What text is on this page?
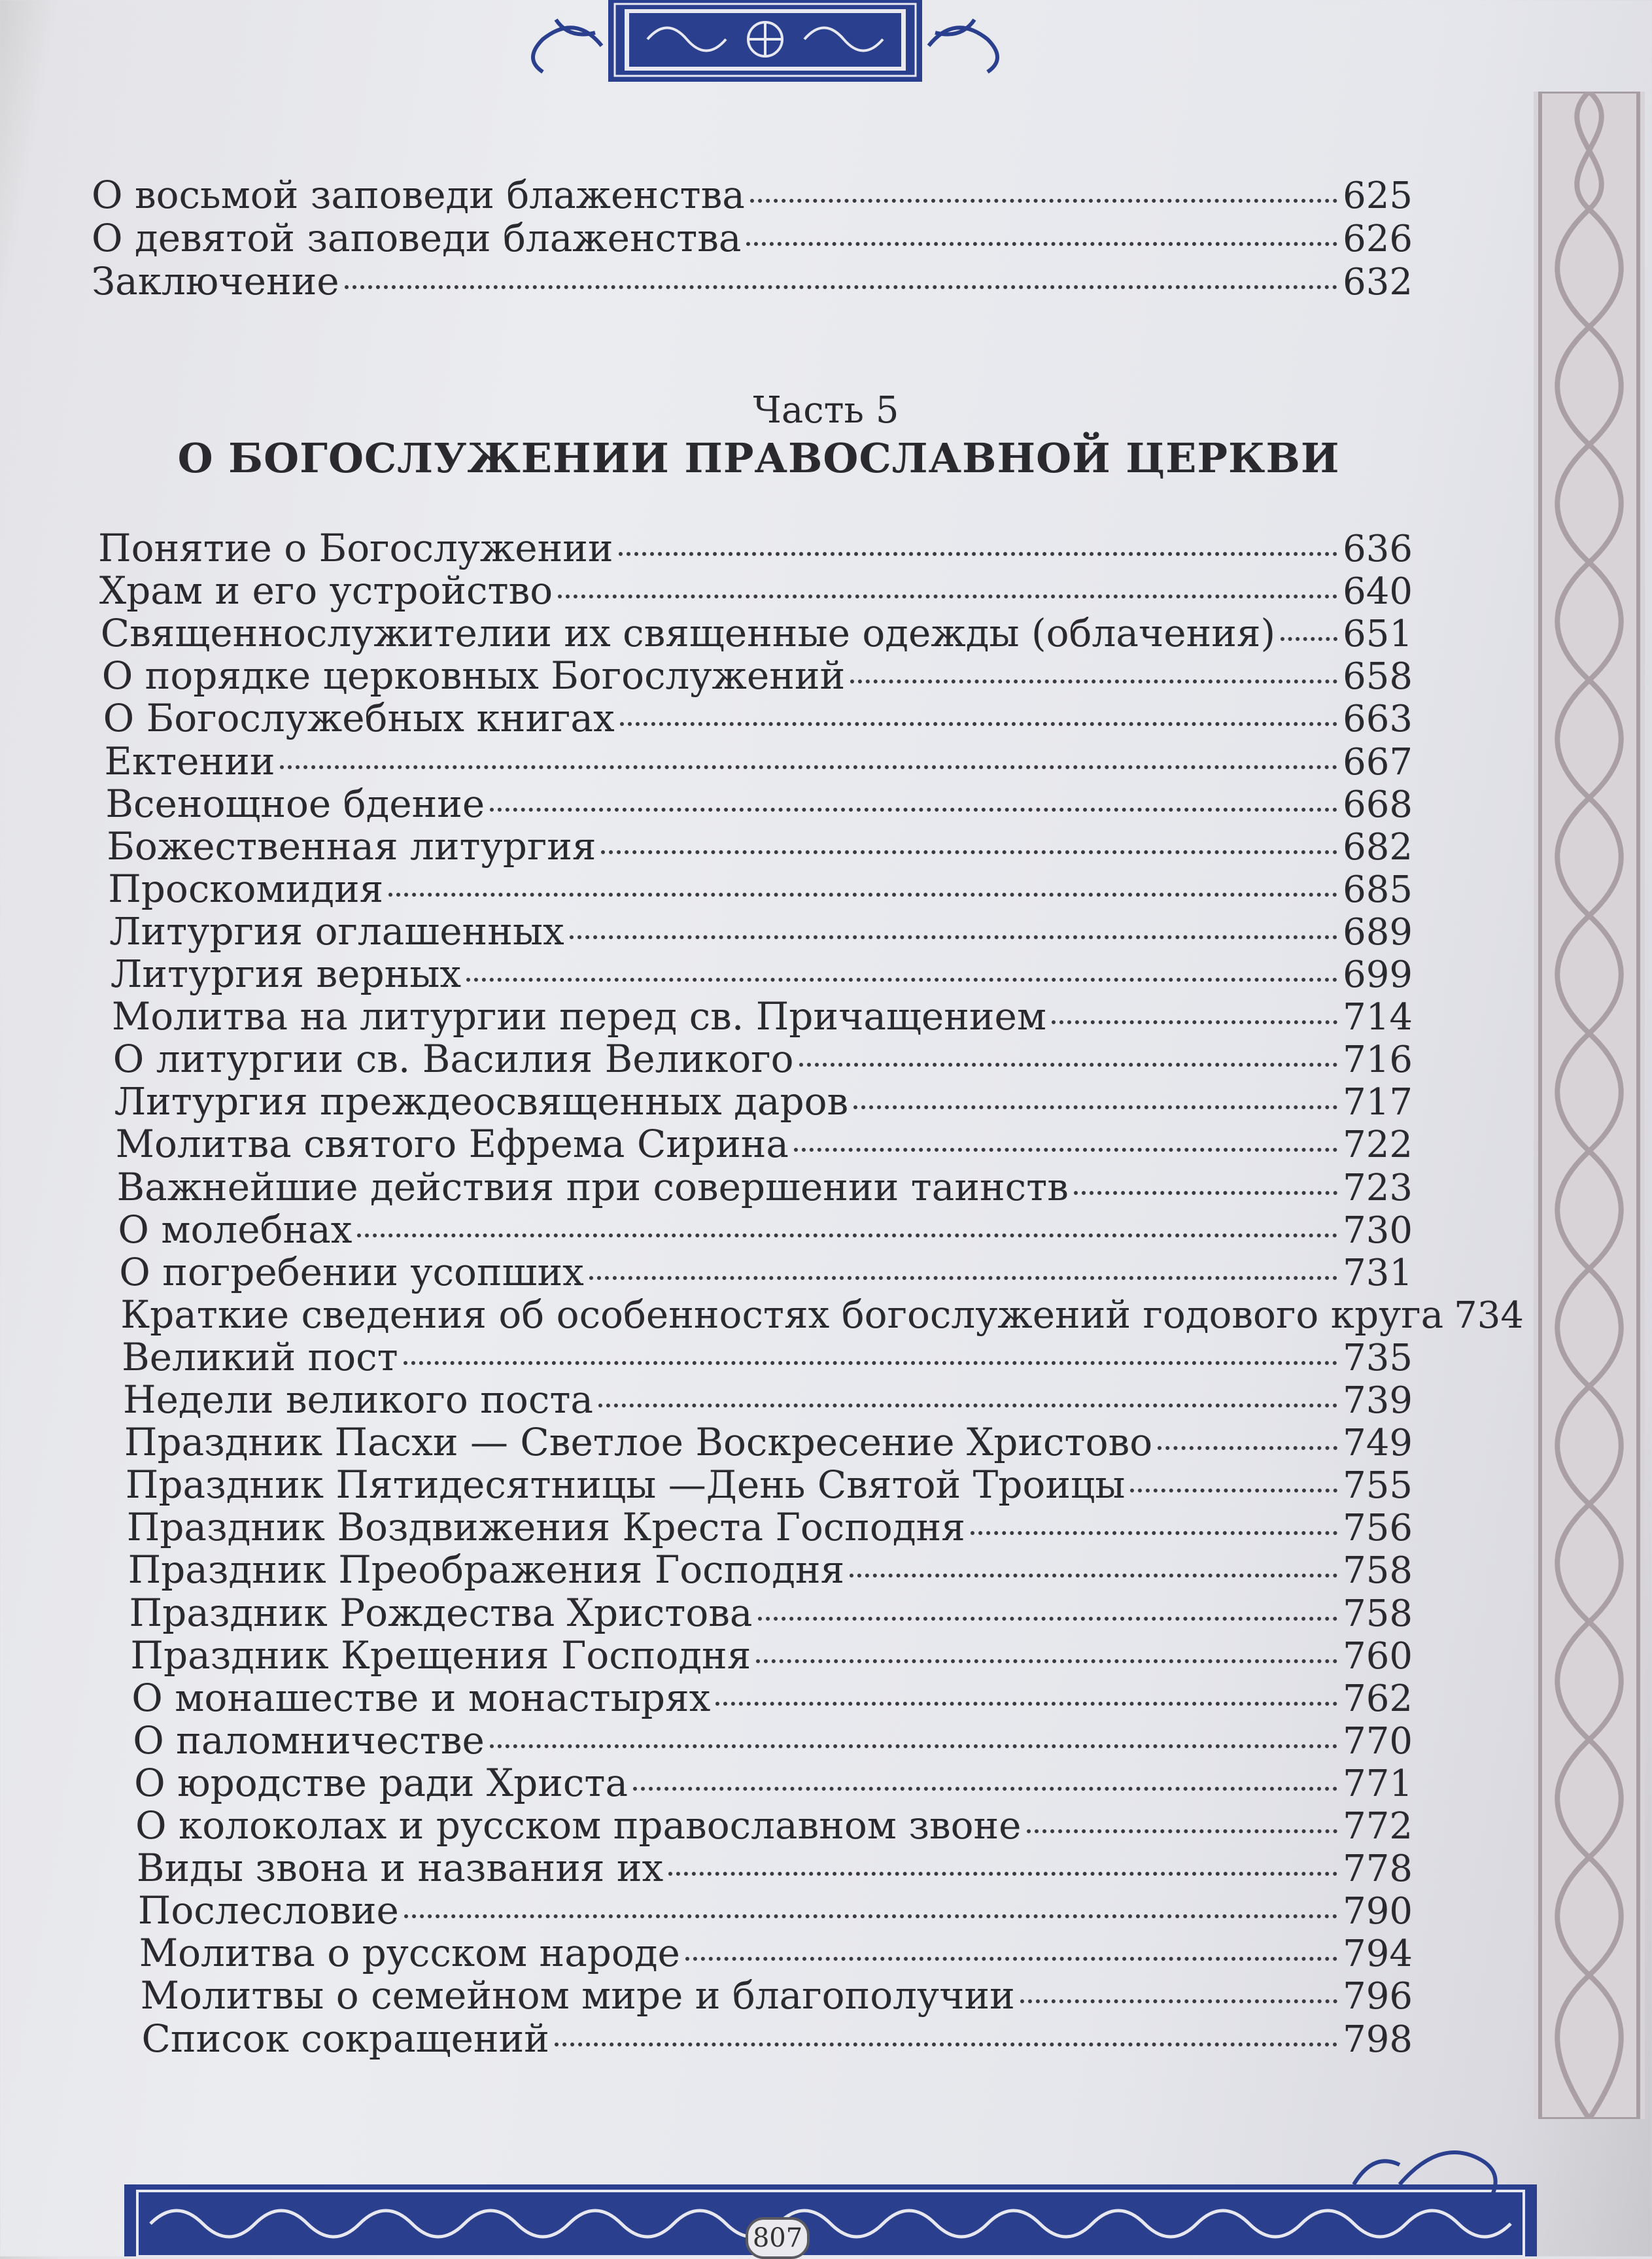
О восьмой заповеди блаженства	625
О девятой заповеди блаженства	626
Заключение	632
Часть 5
О БОГОСЛУЖЕНИИ ПРАВОСЛАВНОЙ ЦЕРКВИ
Понятие о Богослужении	636
Храм и его устройство	640
Священнослужителии их священные одежды (облачения) 651
О порядке церковных Богослужений	658
О Богослужебных книгах	663
Ектении	667
Всенощное бдение	668
Божественная литургия	682
Проскомидия	685
Литургия оглашенных	689
Литургия верных	699
Молитва на литургии перед св. Причащением	714
О литургии св. Василия Великого	716
Литургия преждеосвященных даров	717
Молитва святого Ефрема Сирина	722
Важнейшие действия при совершении таинств	723
О молебнах	730
О погребении усопших	731
Краткие сведения об особенностях богослужений годового круга 734
Великий пост	735
Недели великого поста	739
Праздник Пасхи — Светлое Воскресение Христово	749
Праздник Пятидесятницы —День Святой Троицы	755
Праздник Воздвижения Креста Господня	756
Праздник Преображения Господня	758
Праздник Рождества Христова	758
Праздник Крещения Господня	760
О монашестве и монастырях	762
О паломничестве	770
О юродстве ради Христа	771
О колоколах и русском православном звоне	772
Виды звона и названия их	778
Послесловие	790
Молитва о русском народе	794
Молитвы о семейном мире и благополучии	796
Список сокращений	798
807
